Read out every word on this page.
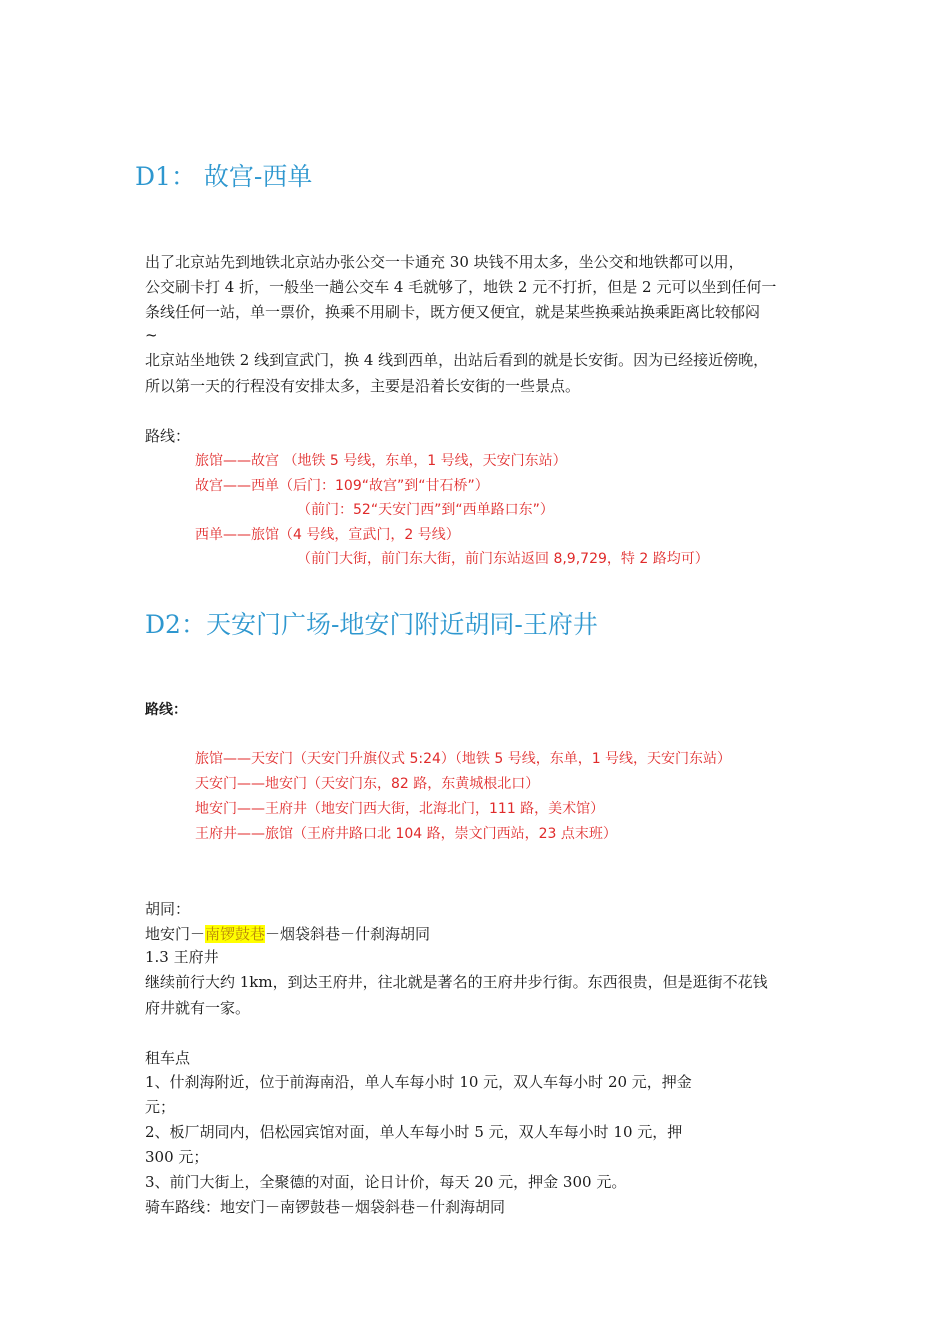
D1： 故宫-西单
出了北京站先到地铁北京站办张公交一卡通充 30 块钱不用太多，坐公交和地铁都可以用，
公交刷卡打 4 折，一般坐一趟公交车 4 毛就够了，地铁 2 元不打折，但是 2 元可以坐到任何一
条线任何一站，单一票价，换乘不用刷卡，既方便又便宜，就是某些换乘站换乘距离比较郁闷
~
北京站坐地铁 2 线到宣武门，换 4 线到西单，出站后看到的就是长安街。因为已经接近傍晚，
所以第一天的行程没有安排太多，主要是沿着长安街的一些景点。
路线：
旅馆——故宫 （地铁 5 号线，东单，1 号线，天安门东站）
故宫——西单（后门：109“故宫”到“甘石桥”）
（前门：52“天安门西”到“西单路口东”）
西单——旅馆（4 号线，宣武门，2 号线）
（前门大街，前门东大街，前门东站返回 8,9,729，特 2 路均可）
D2：天安门广场-地安门附近胡同-王府井
路线：
旅馆——天安门（天安门升旗仪式 5:24）（地铁 5 号线，东单，1 号线，天安门东站）
天安门——地安门（天安门东，82 路，东黄城根北口）
地安门——王府井（地安门西大街，北海北门，111 路，美术馆）
王府井——旅馆（王府井路口北 104 路，崇文门西站，23 点末班）
胡同：
地安门－南锣鼓巷－烟袋斜巷－什刹海胡同
1.3 王府井
继续前行大约 1km，到达王府井，往北就是著名的王府井步行街。东西很贵，但是逛街不花钱
府井就有一家。
租车点
1、什刹海附近，位于前海南沿，单人车每小时 10 元，双人车每小时 20 元，押金
元；
2、板厂胡同内，侣松园宾馆对面，单人车每小时 5 元，双人车每小时 10 元，押
300 元；
3、前门大街上，全聚德的对面，论日计价，每天 20 元，押金 300 元。
骑车路线：地安门－南锣鼓巷－烟袋斜巷－什刹海胡同
